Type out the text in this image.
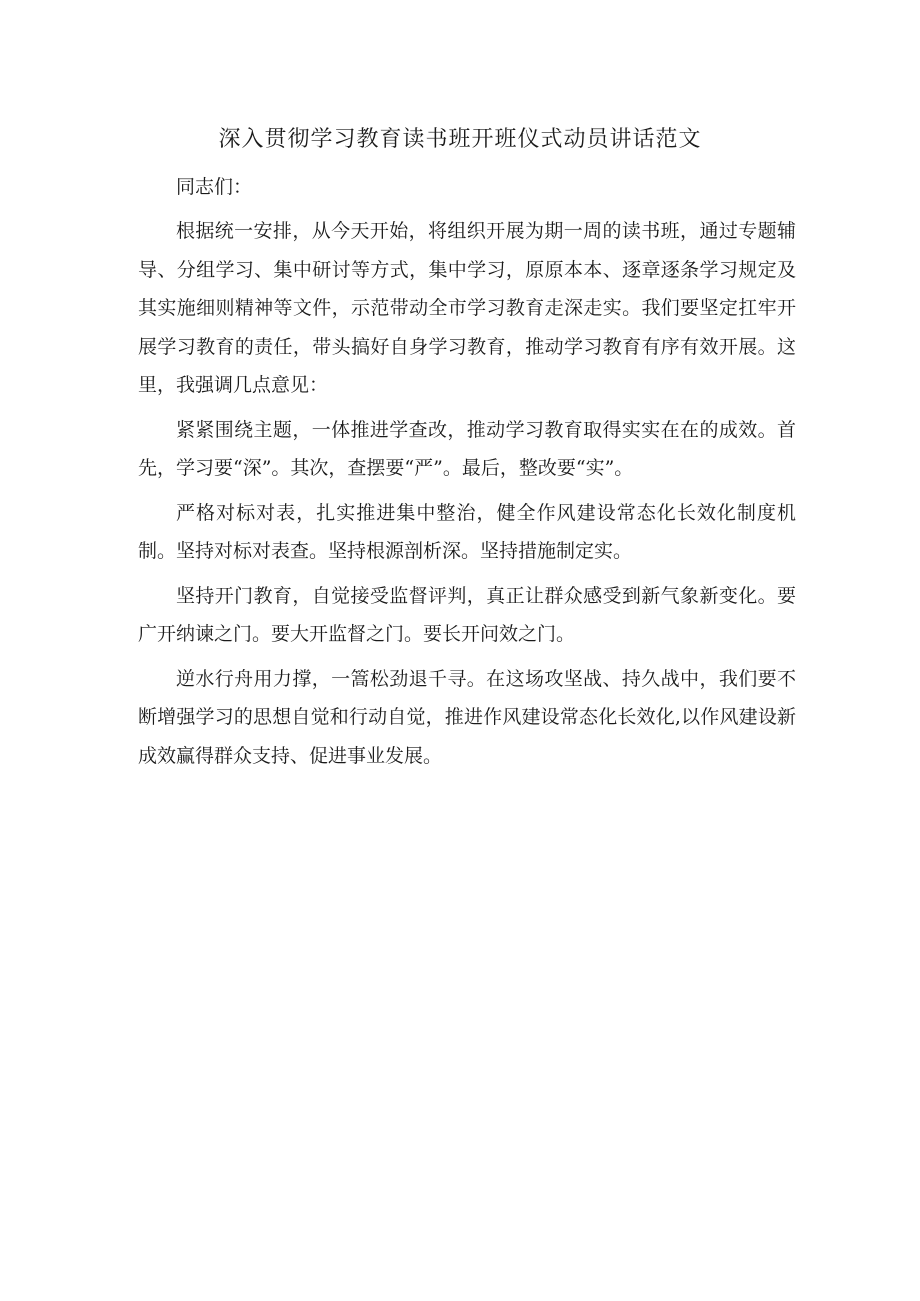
深入贯彻学习教育读书班开班仪式动员讲话范文

同志们：

根据统一安排，从今天开始，将组织开展为期一周的读书班，通过专题辅导、分组学习、集中研讨等方式，集中学习，原原本本、逐章逐条学习规定及其实施细则精神等文件，示范带动全市学习教育走深走实。我们要坚定扛牢开展学习教育的责任，带头搞好自身学习教育，推动学习教育有序有效开展。这里，我强调几点意见：

紧紧围绕主题，一体推进学查改，推动学习教育取得实实在在的成效。首先，学习要“深”。其次，查摆要“严”。最后，整改要“实”。

严格对标对表，扎实推进集中整治，健全作风建设常态化长效化制度机制。坚持对标对表查。坚持根源剖析深。坚持措施制定实。

坚持开门教育，自觉接受监督评判，真正让群众感受到新气象新变化。要广开纳谏之门。要大开监督之门。要长开问效之门。

逆水行舟用力撑，一篙松劲退千寻。在这场攻坚战、持久战中，我们要不断增强学习的思想自觉和行动自觉，推进作风建设常态化长效化,以作风建设新成效赢得群众支持、促进事业发展。
